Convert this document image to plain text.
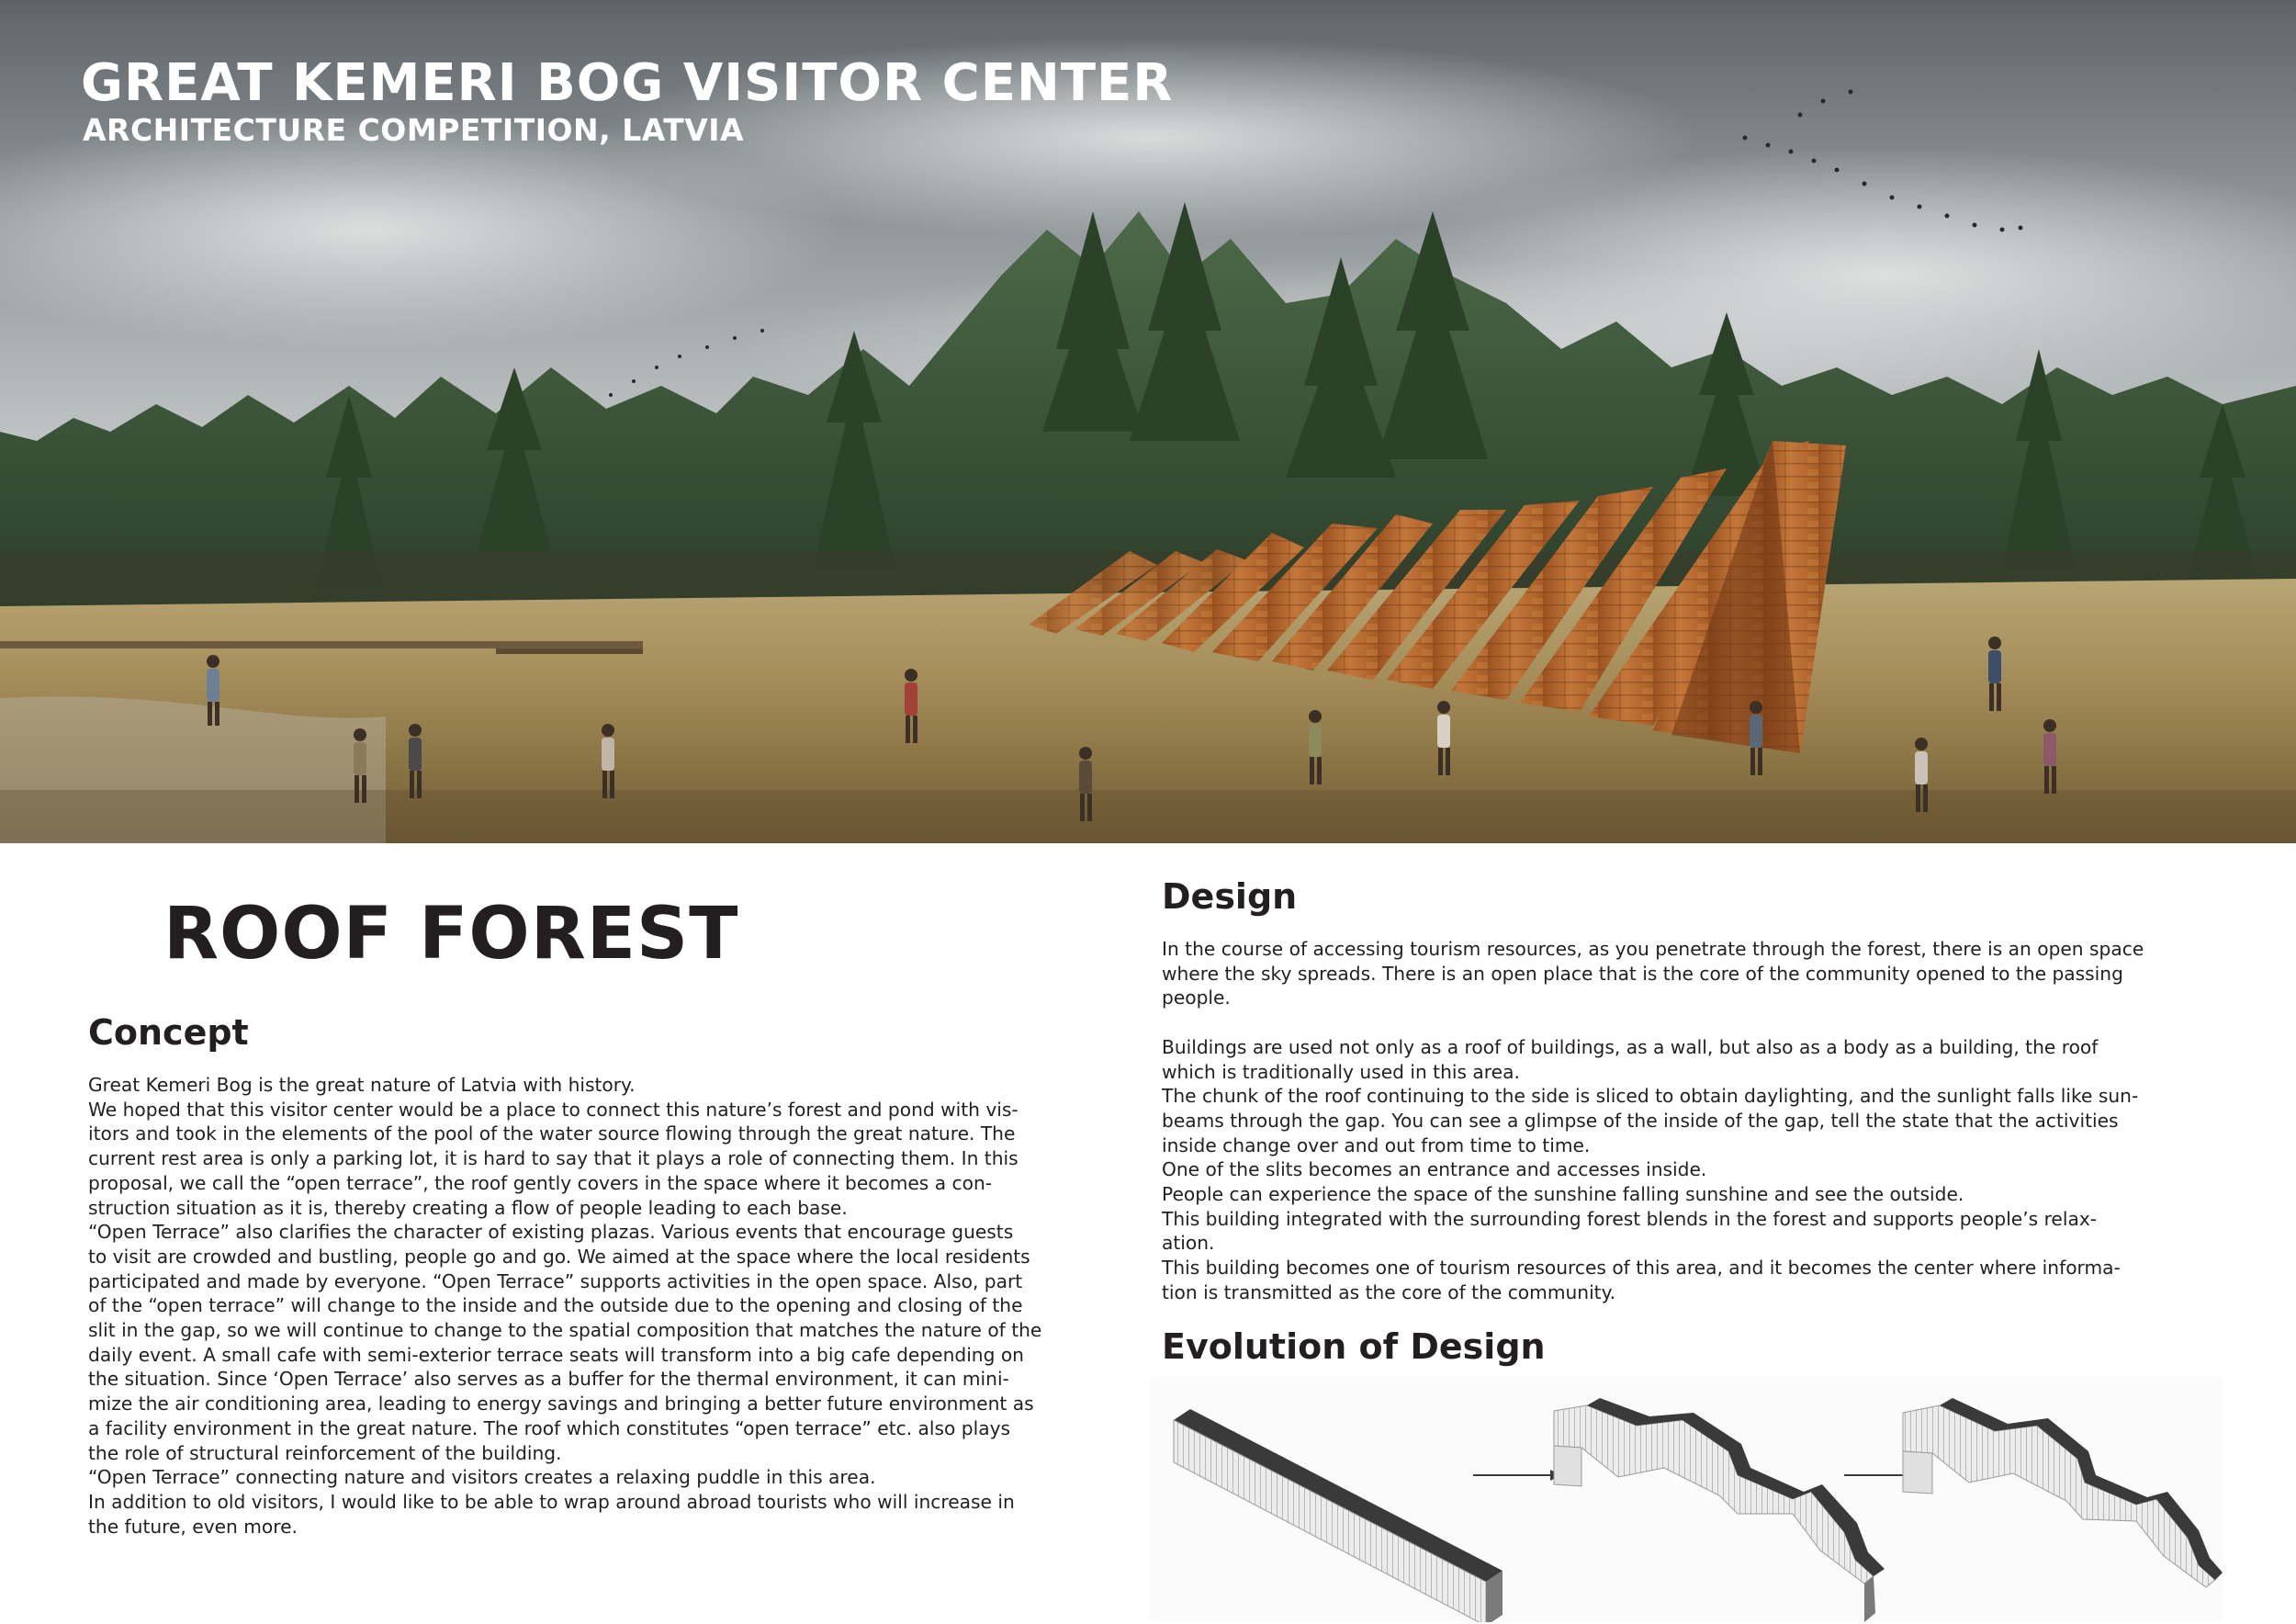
GREAT KEMERI BOG VISITOR CENTER
ARCHITECTURE COMPETITION, LATVIA
ROOF FOREST
Concept

Great Kemeri Bog is the great nature of Latvia with history.

We hoped that this visitor center would be a place to connect this nature’s forest and pond with vis-

itors and took in the elements of the pool of the water source flowing through the great nature. The

current rest area is only a parking lot, it is hard to say that it plays a role of connecting them. In this

proposal, we call the “open terrace”, the roof gently covers in the space where it becomes a con-

struction situation as it is, thereby creating a flow of people leading to each base.

“Open Terrace” also clarifies the character of existing plazas. Various events that encourage guests

to visit are crowded and bustling, people go and go. We aimed at the space where the local residents

participated and made by everyone. “Open Terrace” supports activities in the open space. Also, part

of the “open terrace” will change to the inside and the outside due to the opening and closing of the

slit in the gap, so we will continue to change to the spatial composition that matches the nature of the

daily event. A small cafe with semi-exterior terrace seats will transform into a big cafe depending on

the situation. Since ‘Open Terrace’ also serves as a buffer for the thermal environment, it can mini-

mize the air conditioning area, leading to energy savings and bringing a better future environment as

a facility environment in the great nature. The roof which constitutes “open terrace” etc. also plays

the role of structural reinforcement of the building.

“Open Terrace” connecting nature and visitors creates a relaxing puddle in this area.

In addition to old visitors, I would like to be able to wrap around abroad tourists who will increase in

the future, even more.

Design

In the course of accessing tourism resources, as you penetrate through the forest, there is an open space

where the sky spreads. There is an open place that is the core of the community opened to the passing

people.

Buildings are used not only as a roof of buildings, as a wall, but also as a body as a building, the roof

which is traditionally used in this area.

The chunk of the roof continuing to the side is sliced to obtain daylighting, and the sunlight falls like sun-

beams through the gap. You can see a glimpse of the inside of the gap, tell the state that the activities

inside change over and out from time to time.

One of the slits becomes an entrance and accesses inside.

People can experience the space of the sunshine falling sunshine and see the outside.

This building integrated with the surrounding forest blends in the forest and supports people’s relax-

ation.

This building becomes one of tourism resources of this area, and it becomes the center where informa-

tion is transmitted as the core of the community.

Evolution of Design
